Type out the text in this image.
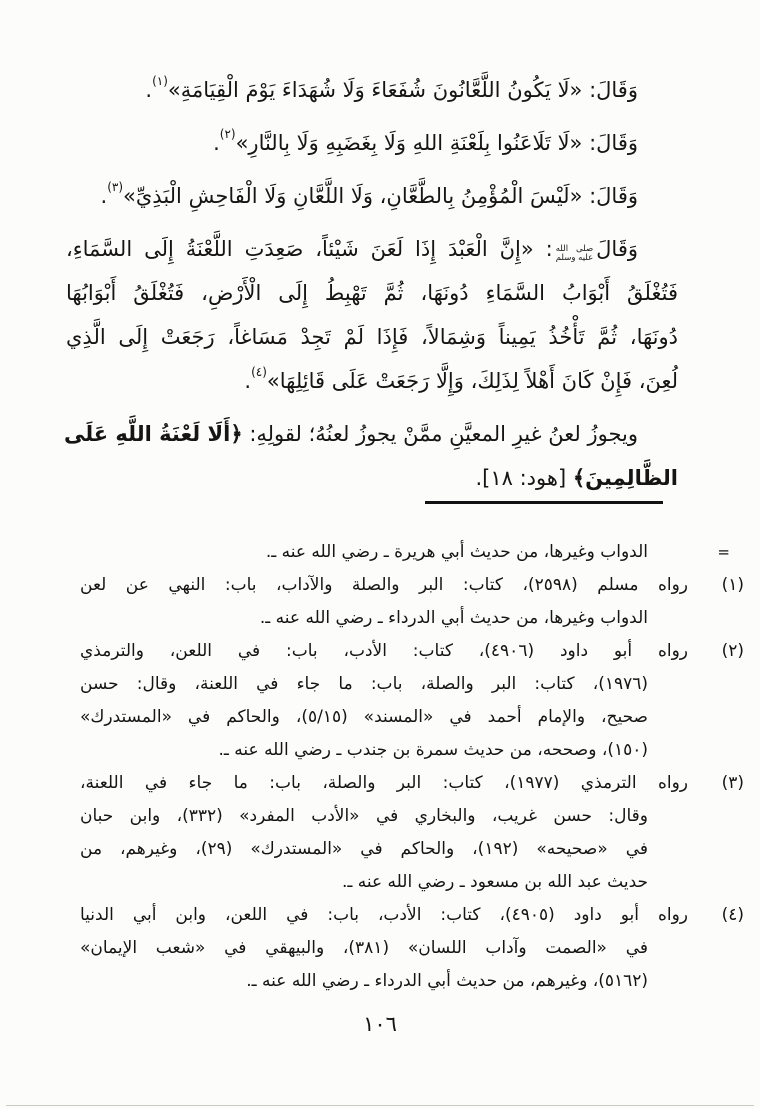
وَقَالَ: «لَا يَكُونُ اللَّعَّانُونَ شُفَعَاءَ وَلَا شُهَدَاءَ يَوْمَ الْقِيَامَةِ»$^{(١)}$.
وَقَالَ: «لَا تَلَاعَنُوا بِلَعْنَةِ اللهِ وَلَا بِغَضَبِهِ وَلَا بِالنَّارِ»$^{(٢)}$.
وَقَالَ: «لَيْسَ الْمُؤْمِنُ بِالطَّعَّانِ، وَلَا اللَّعَّانِ وَلَا الْفَاحِشِ الْبَذِيِّ»$^{(٣)}$.
وَقَالَ
صلى الله
عليه وسلم
: «إِنَّ الْعَبْدَ إِذَا لَعَنَ شَيْئاً، صَعِدَتِ اللَّعْنَةُ إِلَى السَّمَاءِ،
فَتُغْلَقُ أَبْوَابُ السَّمَاءِ دُونَهَا، ثُمَّ تَهْبِطُ إِلَى الْأَرْضِ، فَتُغْلَقُ أَبْوَابُهَا
دُونَهَا، ثُمَّ تَأْخُذُ يَمِيناً وَشِمَالاً، فَإِذَا لَمْ تَجِدْ مَسَاغاً، رَجَعَتْ إِلَى الَّذِي
لُعِنَ، فَإِنْ كَانَ أَهْلاً لِذَلِكَ، وَإِلَّا رَجَعَتْ عَلَى قَائِلِهَا»$^{(٤)}$.
ويجوزُ لعنُ غيرِ المعيَّنِ ممَّنْ يجوزُ لعنُهُ؛ لقولِهِ: ﴿أَلَا لَعْنَةُ اللَّهِ عَلَى
الظَّالِمِينَ﴾ [هود: ١٨].
=
الدواب وغيرها، من حديث أبي هريرة ـ رضي الله عنه ـ.
(١)
رواه مسلم (٢٥٩٨)، كتاب: البر والصلة والآداب، باب: النهي عن لعن
الدواب وغيرها، من حديث أبي الدرداء ـ رضي الله عنه ـ.
(٢)
رواه أبو داود (٤٩٠٦)، كتاب: الأدب، باب: في اللعن، والترمذي
(١٩٧٦)، كتاب: البر والصلة، باب: ما جاء في اللعنة، وقال: حسن
صحيح، والإمام أحمد في «المسند» (٥/١٥)، والحاكم في «المستدرك»
(١٥٠)، وصححه، من حديث سمرة بن جندب ـ رضي الله عنه ـ.
(٣)
رواه الترمذي (١٩٧٧)، كتاب: البر والصلة، باب: ما جاء في اللعنة،
وقال: حسن غريب، والبخاري في «الأدب المفرد» (٣٣٢)، وابن حبان
في «صحيحه» (١٩٢)، والحاكم في «المستدرك» (٢٩)، وغيرهم، من
حديث عبد الله بن مسعود ـ رضي الله عنه ـ.
(٤)
رواه أبو داود (٤٩٠٥)، كتاب: الأدب، باب: في اللعن، وابن أبي الدنيا
في «الصمت وآداب اللسان» (٣٨١)، والبيهقي في «شعب الإيمان»
(٥١٦٢)، وغيرهم، من حديث أبي الدرداء ـ رضي الله عنه ـ.
١٠٦
